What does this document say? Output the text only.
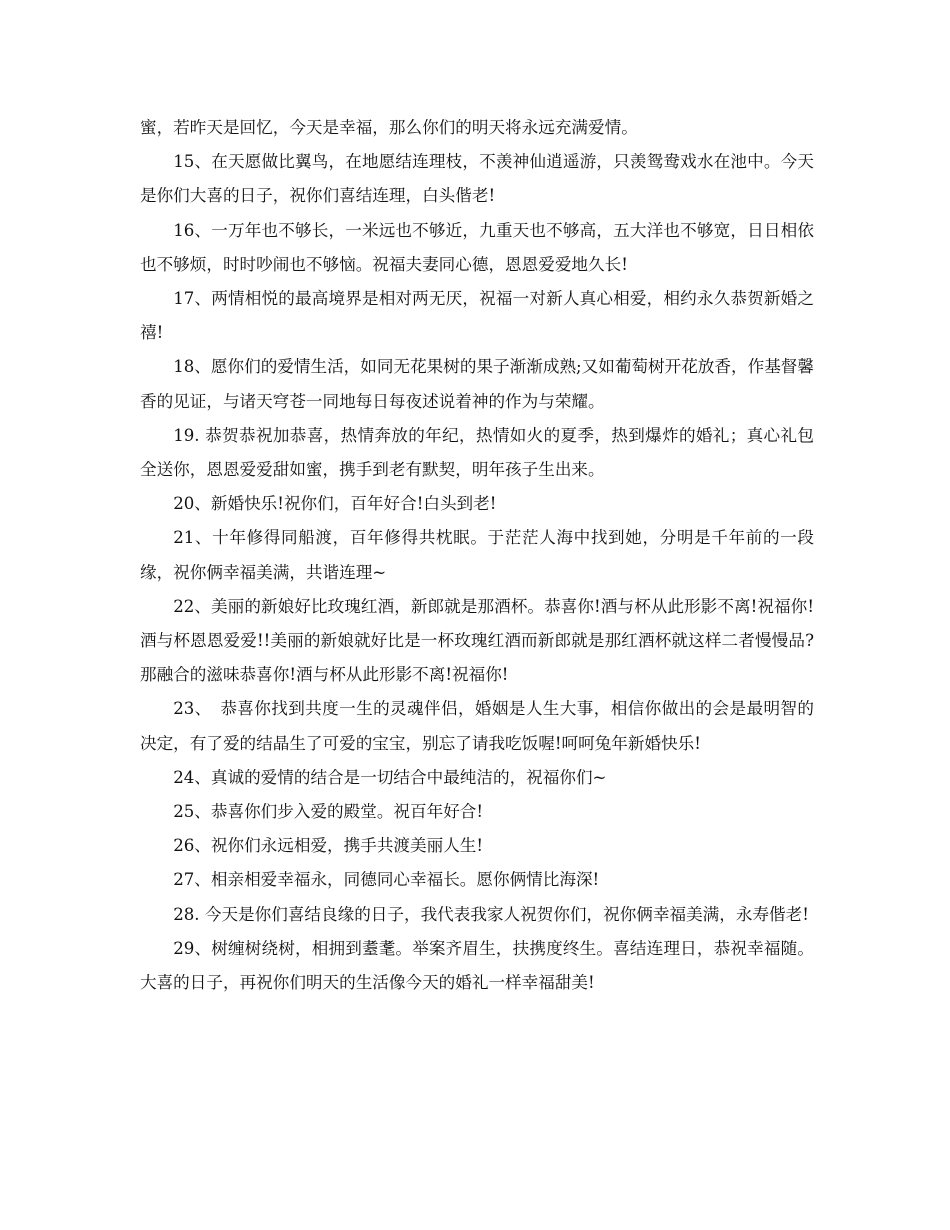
蜜，若昨天是回忆，今天是幸福，那么你们的明天将永远充满爱情。

15、在天愿做比翼鸟，在地愿结连理枝，不羡神仙逍遥游，只羡鸳鸯戏水在池中。今天是你们大喜的日子，祝你们喜结连理，白头偕老!

16、一万年也不够长，一米远也不够近，九重天也不够高，五大洋也不够宽，日日相依也不够烦，时时吵闹也不够恼。祝福夫妻同心德，恩恩爱爱地久长!

17、两情相悦的最高境界是相对两无厌，祝福一对新人真心相爱，相约永久恭贺新婚之禧!

18、愿你们的爱情生活，如同无花果树的果子渐渐成熟;又如葡萄树开花放香，作基督馨香的见证，与诸天穹苍一同地每日每夜述说着神的作为与荣耀。

19. 恭贺恭祝加恭喜，热情奔放的年纪，热情如火的夏季，热到爆炸的婚礼；真心礼包全送你，恩恩爱爱甜如蜜，携手到老有默契，明年孩子生出来。

20、新婚快乐!祝你们，百年好合!白头到老!

21、十年修得同船渡，百年修得共枕眠。于茫茫人海中找到她，分明是千年前的一段缘，祝你俩幸福美满，共谐连理~

22、美丽的新娘好比玫瑰红酒，新郎就是那酒杯。恭喜你!酒与杯从此形影不离!祝福你!酒与杯恩恩爱爱!!美丽的新娘就好比是一杯玫瑰红酒而新郎就是那红酒杯就这样二者慢慢品?那融合的滋味恭喜你!酒与杯从此形影不离!祝福你!

23、　恭喜你找到共度一生的灵魂伴侣，婚姻是人生大事，相信你做出的会是最明智的决定，有了爱的结晶生了可爱的宝宝，别忘了请我吃饭喔!呵呵兔年新婚快乐!

24、真诚的爱情的结合是一切结合中最纯洁的，祝福你们~

25、恭喜你们步入爱的殿堂。祝百年好合!

26、祝你们永远相爱，携手共渡美丽人生!

27、相亲相爱幸福永，同德同心幸福长。愿你俩情比海深!

28. 今天是你们喜结良缘的日子，我代表我家人祝贺你们，祝你俩幸福美满，永寿偕老!

29、树缠树绕树，相拥到耋耄。举案齐眉生，扶携度终生。喜结连理日，恭祝幸福随。大喜的日子，再祝你们明天的生活像今天的婚礼一样幸福甜美!
